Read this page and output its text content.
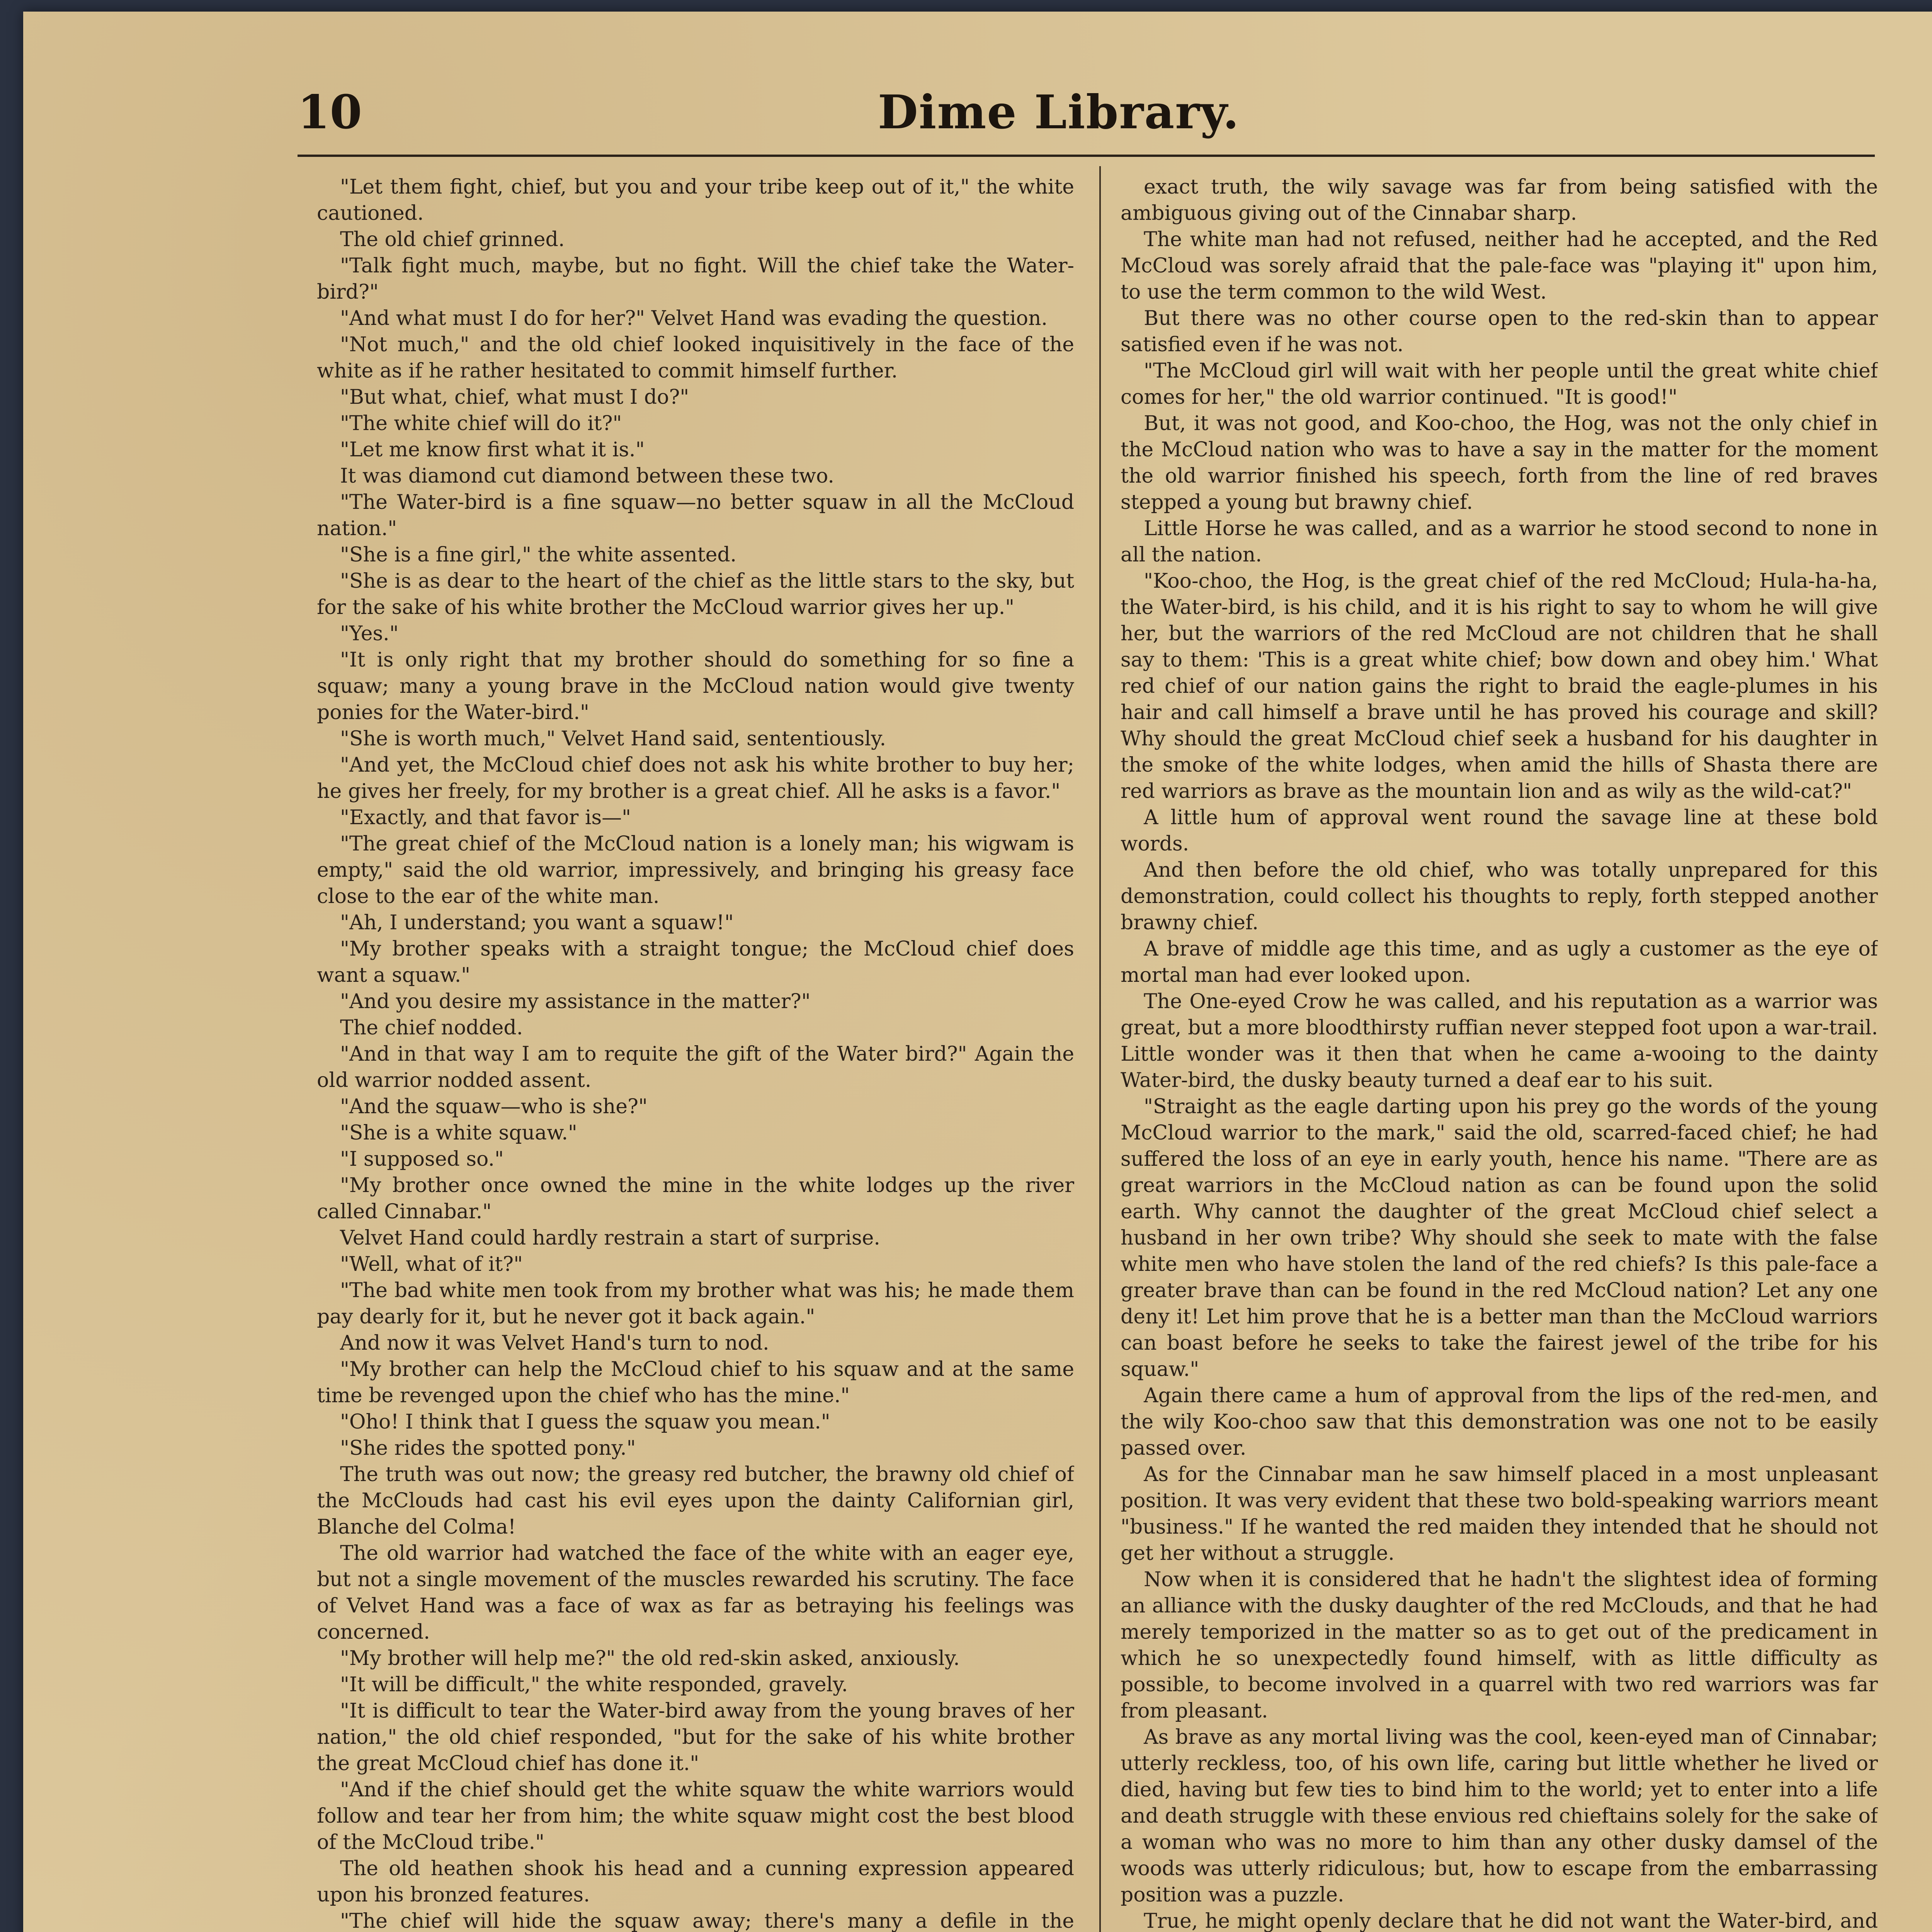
10	Dime Library.

"Let them fight, chief, but you and your tribe keep out of it," the white cautioned.

The old chief grinned.

"Talk fight much, maybe, but no fight. Will the chief take the Water-bird?"

"And what must I do for her?" Velvet Hand was evading the question.

"Not much," and the old chief looked inquisitively in the face of the white as if he rather hesitated to commit himself further.

"But what, chief, what must I do?"

"The white chief will do it?"

"Let me know first what it is."

It was diamond cut diamond between these two.

"The Water-bird is a fine squaw—no better squaw in all the McCloud nation."

"She is a fine girl," the white assented.

"She is as dear to the heart of the chief as the little stars to the sky, but for the sake of his white brother the McCloud warrior gives her up."

"Yes."

"It is only right that my brother should do something for so fine a squaw; many a young brave in the McCloud nation would give twenty ponies for the Water-bird."

"She is worth much," Velvet Hand said, sententiously.

"And yet, the McCloud chief does not ask his white brother to buy her; he gives her freely, for my brother is a great chief. All he asks is a favor."

"Exactly, and that favor is—"

"The great chief of the McCloud nation is a lonely man; his wigwam is empty," said the old warrior, impressively, and bringing his greasy face close to the ear of the white man.

"Ah, I understand; you want a squaw!"

"My brother speaks with a straight tongue; the McCloud chief does want a squaw."

"And you desire my assistance in the matter?"

The chief nodded.

"And in that way I am to requite the gift of the Water bird?" Again the old warrior nodded assent.

"And the squaw—who is she?"

"She is a white squaw."

"I supposed so."

"My brother once owned the mine in the white lodges up the river called Cinnabar."

Velvet Hand could hardly restrain a start of surprise.

"Well, what of it?"

"The bad white men took from my brother what was his; he made them pay dearly for it, but he never got it back again."

And now it was Velvet Hand's turn to nod.

"My brother can help the McCloud chief to his squaw and at the same time be revenged upon the chief who has the mine."

"Oho! I think that I guess the squaw you mean."

"She rides the spotted pony."

The truth was out now; the greasy red butcher, the brawny old chief of the McClouds had cast his evil eyes upon the dainty Californian girl, Blanche del Colma!

The old warrior had watched the face of the white with an eager eye, but not a single movement of the muscles rewarded his scrutiny. The face of Velvet Hand was a face of wax as far as betraying his feelings was concerned.

"My brother will help me?" the old red-skin asked, anxiously.

"It will be difficult," the white responded, gravely.

"It is difficult to tear the Water-bird away from the young braves of her nation," the old chief responded, "but for the sake of his white brother the great McCloud chief has done it."

"And if the chief should get the white squaw the white warriors would follow and tear her from him; the white squaw might cost the best blood of the McCloud tribe."

The old heathen shook his head and a cunning expression appeared upon his bronzed features.

"The chief will hide the squaw away; there's many a defile in the

exact truth, the wily savage was far from being satisfied with the ambiguous giving out of the Cinnabar sharp.

The white man had not refused, neither had he accepted, and the Red McCloud was sorely afraid that the pale-face was "playing it" upon him, to use the term common to the wild West.

But there was no other course open to the red-skin than to appear satisfied even if he was not.

"The McCloud girl will wait with her people until the great white chief comes for her," the old warrior continued. "It is good!"

But, it was not good, and Koo-choo, the Hog, was not the only chief in the McCloud nation who was to have a say in the matter for the moment the old warrior finished his speech, forth from the line of red braves stepped a young but brawny chief.

Little Horse he was called, and as a warrior he stood second to none in all the nation.

"Koo-choo, the Hog, is the great chief of the red McCloud; Hula-ha-ha, the Water-bird, is his child, and it is his right to say to whom he will give her, but the warriors of the red McCloud are not children that he shall say to them: 'This is a great white chief; bow down and obey him.' What red chief of our nation gains the right to braid the eagle-plumes in his hair and call himself a brave until he has proved his courage and skill? Why should the great McCloud chief seek a husband for his daughter in the smoke of the white lodges, when amid the hills of Shasta there are red warriors as brave as the mountain lion and as wily as the wild-cat?"

A little hum of approval went round the savage line at these bold words.

And then before the old chief, who was totally unprepared for this demonstration, could collect his thoughts to reply, forth stepped another brawny chief.

A brave of middle age this time, and as ugly a customer as the eye of mortal man had ever looked upon.

The One-eyed Crow he was called, and his reputation as a warrior was great, but a more bloodthirsty ruffian never stepped foot upon a war-trail. Little wonder was it then that when he came a-wooing to the dainty Water-bird, the dusky beauty turned a deaf ear to his suit.

"Straight as the eagle darting upon his prey go the words of the young McCloud warrior to the mark," said the old, scarred-faced chief; he had suffered the loss of an eye in early youth, hence his name. "There are as great warriors in the McCloud nation as can be found upon the solid earth. Why cannot the daughter of the great McCloud chief select a husband in her own tribe? Why should she seek to mate with the false white men who have stolen the land of the red chiefs? Is this pale-face a greater brave than can be found in the red McCloud nation? Let any one deny it! Let him prove that he is a better man than the McCloud warriors can boast before he seeks to take the fairest jewel of the tribe for his squaw."

Again there came a hum of approval from the lips of the red-men, and the wily Koo-choo saw that this demonstration was one not to be easily passed over.

As for the Cinnabar man he saw himself placed in a most unpleasant position. It was very evident that these two bold-speaking warriors meant "business." If he wanted the red maiden they intended that he should not get her without a struggle.

Now when it is considered that he hadn't the slightest idea of forming an alliance with the dusky daughter of the red McClouds, and that he had merely temporized in the matter so as to get out of the predicament in which he so unexpectedly found himself, with as little difficulty as possible, to become involved in a quarrel with two red warriors was far from pleasant.

As brave as any mortal living was the cool, keen-eyed man of Cinnabar; utterly reckless, too, of his own life, caring but little whether he lived or died, having but few ties to bind him to the world; yet to enter into a life and death struggle with these envious red chieftains solely for the sake of a woman who was no more to him than any other dusky damsel of the woods was utterly ridiculous; but, how to escape from the embarrassing position was a puzzle.

True, he might openly declare that he did not want the Water-bird, and
